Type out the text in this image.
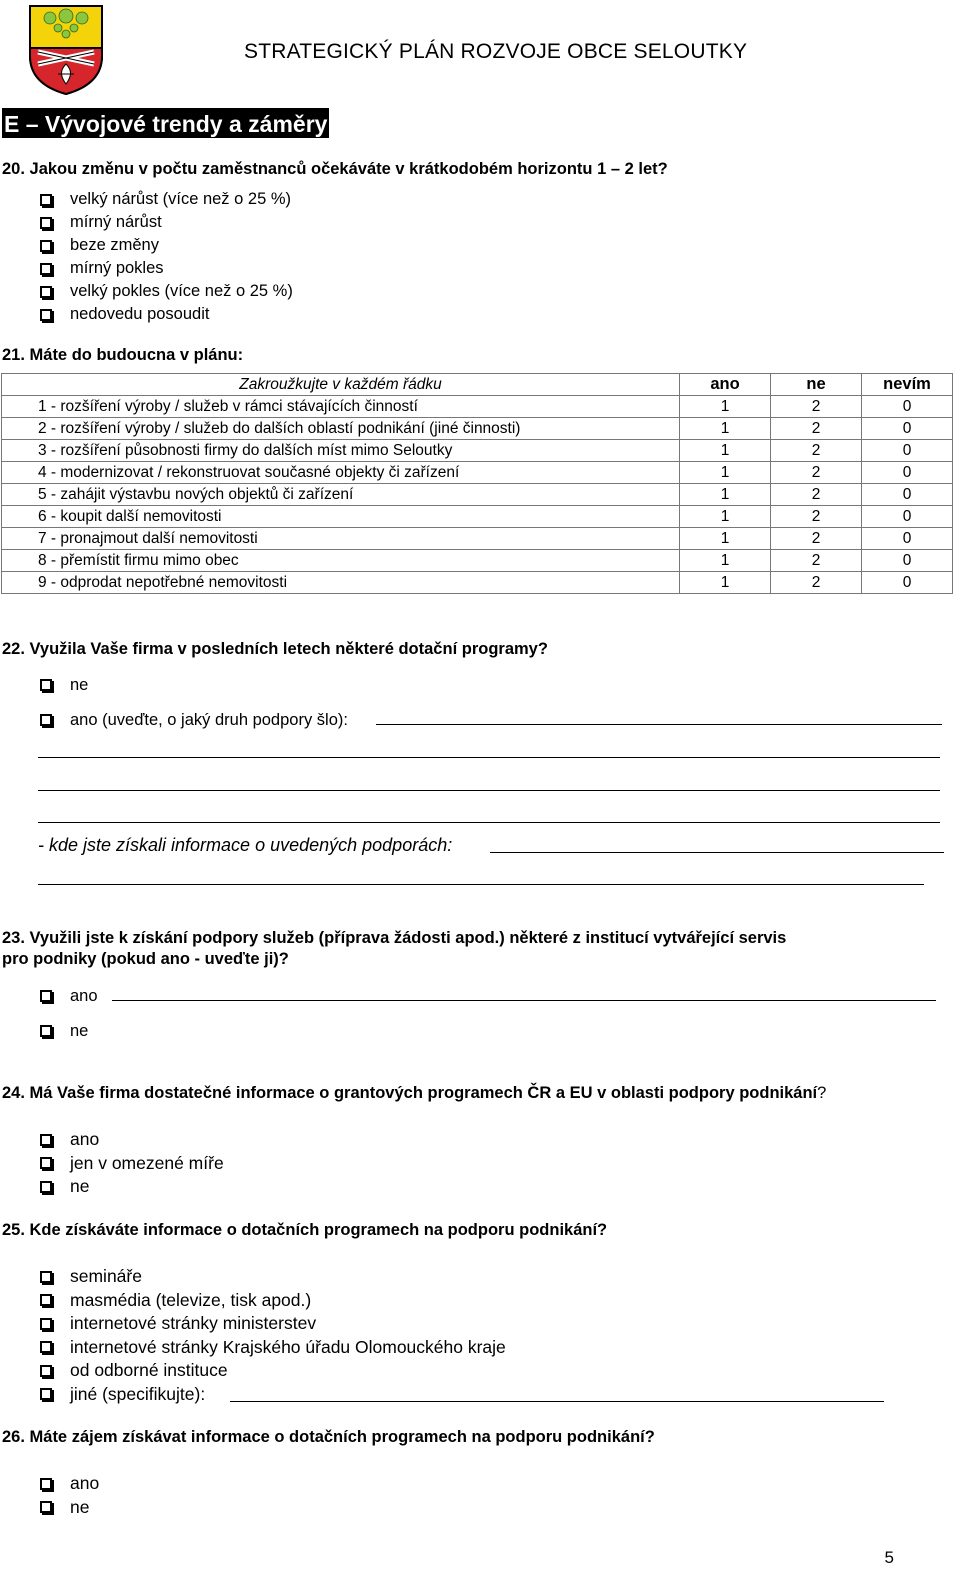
STRATEGICKÝ PLÁN ROZVOJE OBCE SELOUTKY
E – Vývojové trendy a záměry
20. Jakou změnu v počtu zaměstnanců očekáváte v krátkodobém horizontu 1 – 2 let?
velký nárůst (více než o 25 %)
mírný nárůst
beze změny
mírný pokles
velký pokles (více než o 25 %)
nedovedu posoudit
21. Máte do budoucna v plánu:
Zakroužkujte v každém řádku	ano	ne	nevím
1 - rozšíření výroby / služeb v rámci stávajících činností	1	2	0
2 - rozšíření výroby / služeb do dalších oblastí podnikání (jiné činnosti)	1	2	0
3 - rozšíření působnosti firmy do dalších míst mimo Seloutky	1	2	0
4 - modernizovat / rekonstruovat současné objekty či zařízení	1	2	0
5 - zahájit výstavbu nových objektů či zařízení	1	2	0
6 - koupit další nemovitosti	1	2	0
7 - pronajmout další nemovitosti	1	2	0
8 - přemístit firmu mimo obec	1	2	0
9 - odprodat nepotřebné nemovitosti	1	2	0
22. Využila Vaše firma v posledních letech některé dotační programy?
ne
ano (uveďte, o jaký druh podpory šlo):
- kde jste získali informace o uvedených podporách:
23. Využili jste k získání podpory služeb (příprava žádosti apod.) některé z institucí vytvářející servis
pro podniky (pokud ano - uveďte ji)?
ano
ne
24. Má Vaše firma dostatečné informace o grantových programech ČR a EU v oblasti podpory podnikání?
ano
jen v omezené míře
ne
25. Kde získáváte informace o dotačních programech na podporu podnikání?
semináře
masmédia (televize, tisk apod.)
internetové stránky ministerstev
internetové stránky Krajského úřadu Olomouckého kraje
od odborné instituce
jiné (specifikujte):
26. Máte zájem získávat informace o dotačních programech na podporu podnikání?
ano
ne
5
